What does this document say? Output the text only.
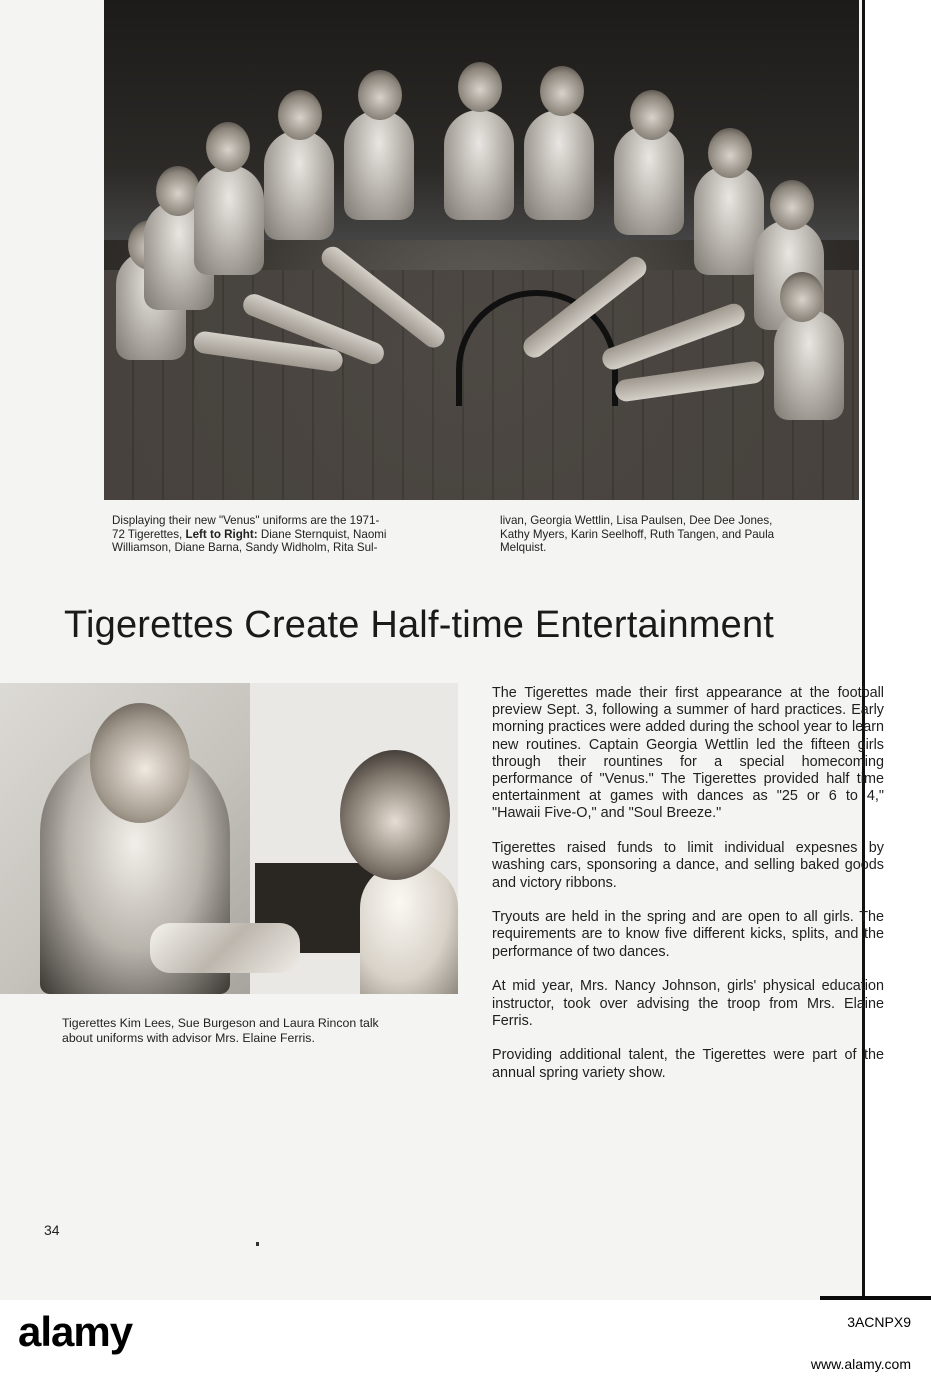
Displaying their new "Venus" uniforms are the 1971-
72 Tigerettes, Left to Right: Diane Sternquist, Naomi
Williamson, Diane Barna, Sandy Widholm, Rita Sul-
livan, Georgia Wettlin, Lisa Paulsen, Dee Dee Jones,
Kathy Myers, Karin Seelhoff, Ruth Tangen, and Paula
Melquist.
Tigerettes Create Half-time Entertainment
Tigerettes Kim Lees, Sue Burgeson and Laura Rincon talk
about uniforms with advisor Mrs. Elaine Ferris.

The Tigerettes made their first appearance at the football preview Sept. 3, following a summer of hard practices. Early morning practices were added during the school year to learn new routines. Captain Georgia Wettlin led the fifteen girls through their rountines for a special homecoming performance of "Venus." The Tigerettes provided half time entertainment at games with dances as "25 or 6 to 4," "Hawaii Five-O," and "Soul Breeze."

Tigerettes raised funds to limit individual expesnes by washing cars, sponsoring a dance, and selling baked goods and victory ribbons.

Tryouts are held in the spring and are open to all girls. The requirements are to know five different kicks, splits, and the performance of two dances.

At mid year, Mrs. Nancy Johnson, girls' physical education instructor, took over advising the troop from Mrs. Elaine Ferris.

Providing additional talent, the Tigerettes were part of the annual spring variety show.

34
alamy	3ACNPX9
www.alamy.com
